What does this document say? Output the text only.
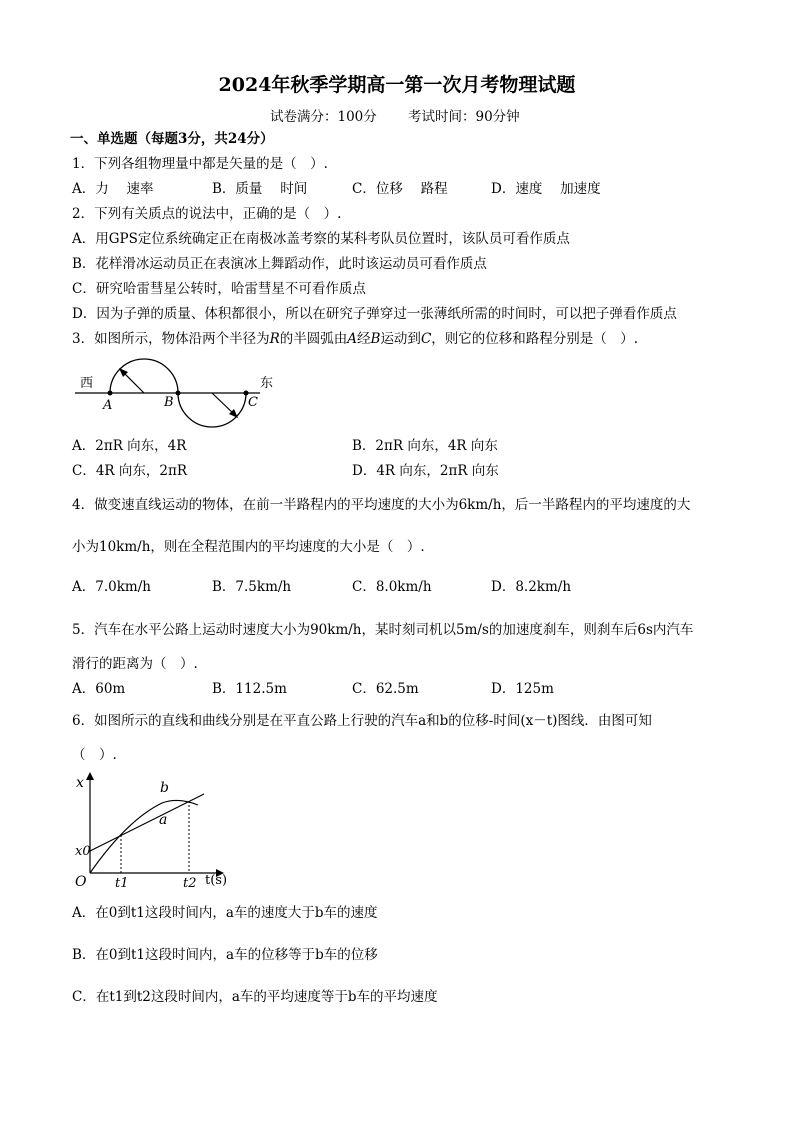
2024年秋季学期高一第一次月考物理试题
试卷满分：100分 考试时间：90分钟
一、单选题（每题3分，共24分）
1．下列各组物理量中都是矢量的是（　）.
A．力　 速率	B．质量　 时间	C．位移　 路程	D．速度　 加速度
2．下列有关质点的说法中，正确的是（　）.
A．用GPS定位系统确定正在南极冰盖考察的某科考队员位置时，该队员可看作质点
B．花样滑冰运动员正在表演冰上舞蹈动作，此时该运动员可看作质点
C．研究哈雷彗星公转时，哈雷彗星不可看作质点
D．因为子弹的质量、体积都很小，所以在研究子弹穿过一张薄纸所需的时间时，可以把子弹看作质点
3．如图所示，物体沿两个半径为R的半圆弧由A经B运动到C，则它的位移和路程分别是（　）.
西	东
A	B	C
A．2πR 向东，4R	B．2πR 向东，4R 向东
C．4R 向东，2πR	D．4R 向东，2πR 向东
4．做变速直线运动的物体，在前一半路程内的平均速度的大小为6km/h，后一半路程内的平均速度的大
小为10km/h，则在全程范围内的平均速度的大小是（　）.
A．7.0km/h	B．7.5km/h	C．8.0km/h	D．8.2km/h
5．汽车在水平公路上运动时速度大小为90km/h，某时刻司机以5m/s的加速度刹车，则刹车后6s内汽车
滑行的距离为（　）.
A．60m	B．112.5m	C．62.5m	D．125m
6．如图所示的直线和曲线分别是在平直公路上行驶的汽车a和b的位移-时间(x－t)图线．由图可知
（　）.
x	b
a
x0
O t1	t2 t(s)
A．在0到t1这段时间内，a车的速度大于b车的速度
B．在0到t1这段时间内，a车的位移等于b车的位移
C．在t1到t2这段时间内，a车的平均速度等于b车的平均速度
